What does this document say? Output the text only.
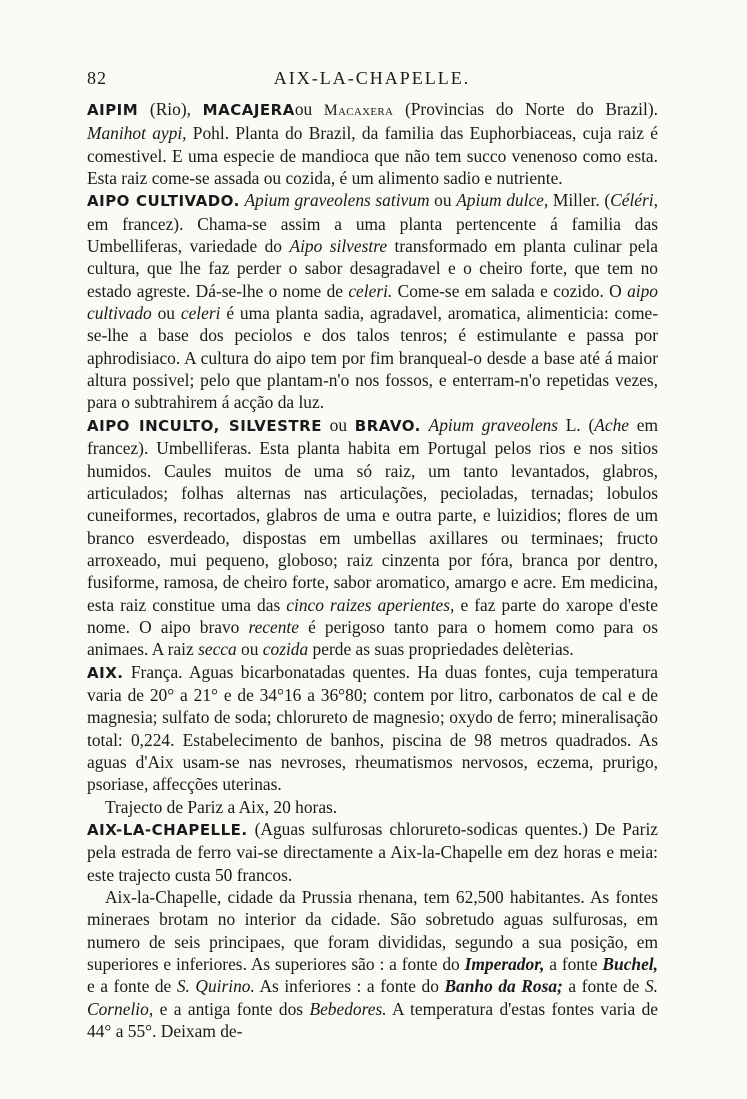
82	AIX-LA-CHAPELLE.

AIPIM (Rio), MACAJERAou Macaxera (Provincias do Norte do Brazil). Manihot aypi, Pohl. Planta do Brazil, da familia das Euphorbiaceas, cuja raiz é comestivel. E uma especie de mandioca que não tem succo venenoso como esta. Esta raiz come-se assada ou cozida, é um alimento sadio e nutriente.

AIPO CULTIVADO. Apium graveolens sativum ou Apium dulce, Miller. (Céléri, em francez). Chama-se assim a uma planta pertencente á familia das Umbelliferas, variedade do Aipo silvestre transformado em planta culinar pela cultura, que lhe faz perder o sabor desagradavel e o cheiro forte, que tem no estado agreste. Dá-se-lhe o nome de celeri. Come-se em salada e cozido. O aipo cultivado ou celeri é uma planta sadia, agradavel, aromatica, alimenticia: come-se-lhe a base dos peciolos e dos talos tenros; é estimulante e passa por aphrodisiaco. A cultura do aipo tem por fim branqueal-o desde a base até á maior altura possivel; pelo que plantam-n'o nos fossos, e enterram-n'o repetidas vezes, para o subtrahirem á acção da luz.

AIPO INCULTO, SILVESTRE ou BRAVO. Apium graveolens L. (Ache em francez). Umbelliferas. Esta planta habita em Portugal pelos rios e nos sitios humidos. Caules muitos de uma só raiz, um tanto levantados, glabros, articulados; folhas alternas nas articulações, pecioladas, ternadas; lobulos cuneiformes, recortados, glabros de uma e outra parte, e luizidios; flores de um branco esverdeado, dispostas em umbellas axillares ou terminaes; fructo arroxeado, mui pequeno, globoso; raiz cinzenta por fóra, branca por dentro, fusiforme, ramosa, de cheiro forte, sabor aromatico, amargo e acre. Em medicina, esta raiz constitue uma das cinco raizes aperientes, e faz parte do xarope d'este nome. O aipo bravo recente é perigoso tanto para o homem como para os animaes. A raiz secca ou cozida perde as suas propriedades delèterias.

AIX. França. Aguas bicarbonatadas quentes. Ha duas fontes, cuja temperatura varia de 20° a 21° e de 34°16 a 36°80; contem por litro, carbonatos de cal e de magnesia; sulfato de soda; chlorureto de magnesio; oxydo de ferro; mineralisação total: 0,224. Estabelecimento de banhos, piscina de 98 metros quadrados. As aguas d'Aix usam-se nas nevroses, rheumatismos nervosos, eczema, prurigo, psoriase, affecções uterinas.

Trajecto de Pariz a Aix, 20 horas.

AIX-LA-CHAPELLE. (Aguas sulfurosas chlorureto-sodicas quentes.) De Pariz pela estrada de ferro vai-se directamente a Aix-la-Chapelle em dez horas e meia: este trajecto custa 50 francos.

Aix-la-Chapelle, cidade da Prussia rhenana, tem 62,500 habitantes. As fontes mineraes brotam no interior da cidade. São sobretudo aguas sulfurosas, em numero de seis principaes, que foram divididas, segundo a sua posição, em superiores e inferiores. As superiores são : a fonte do Imperador, a fonte Buchel, e a fonte de S. Quirino. As inferiores : a fonte do Banho da Rosa; a fonte de S. Cornelio, e a antiga fonte dos Bebedores. A temperatura d'estas fontes varia de 44° a 55°. Deixam de-
